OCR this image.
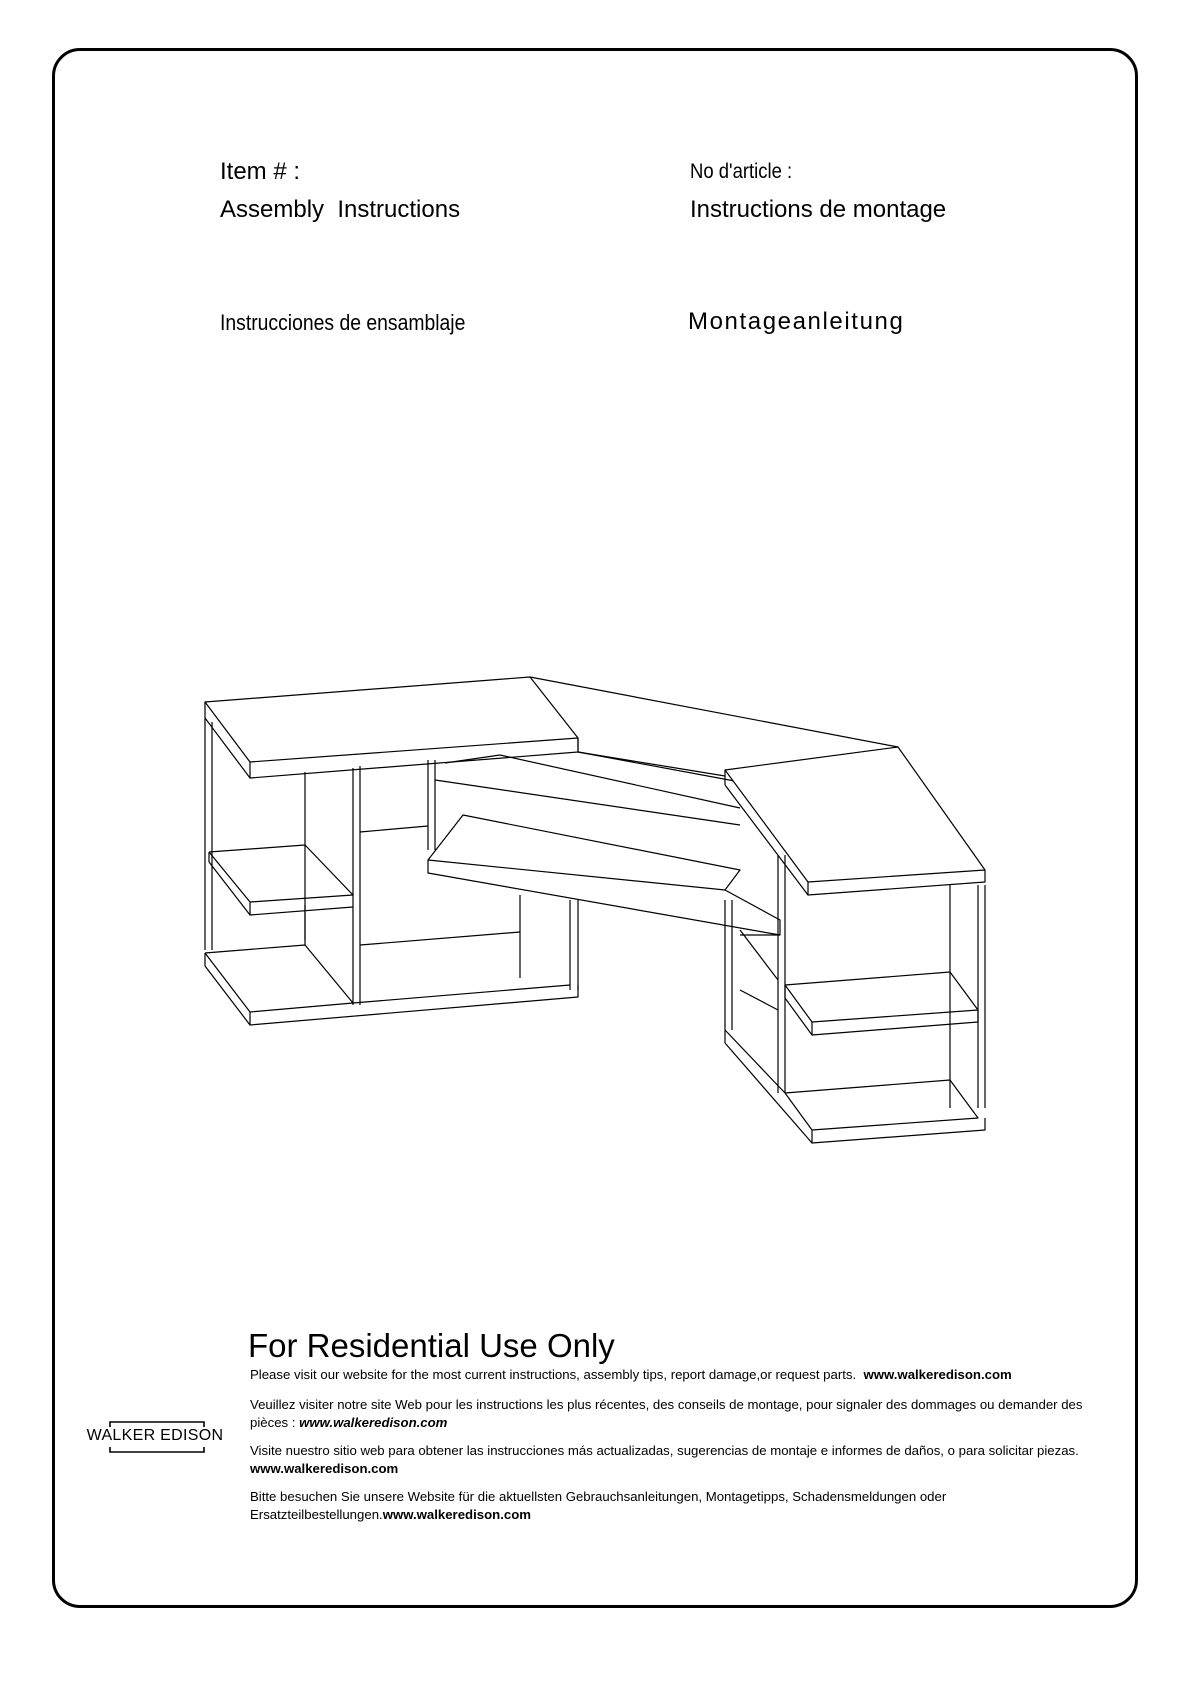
Item # :
Assembly  Instructions
No d'article :
Instructions de montage
Instrucciones de ensamblaje	Montageanleitung
For Residential Use Only
Please visit our website for the most current instructions, assembly tips, report damage,or request parts.  www.walkeredison.com
Veuillez visiter notre site Web pour les instructions les plus récentes, des conseils de montage, pour signaler des dommages ou demander des pièces : www.walkeredison.com
Visite nuestro sitio web para obtener las instrucciones más actualizadas, sugerencias de montaje e informes de daños, o para solicitar piezas. www.walkeredison.com
Bitte besuchen Sie unsere Website für die aktuellsten Gebrauchsanleitungen, Montagetipps, Schadensmeldungen oder Ersatzteilbestellungen.www.walkeredison.com
WALKER EDISON
